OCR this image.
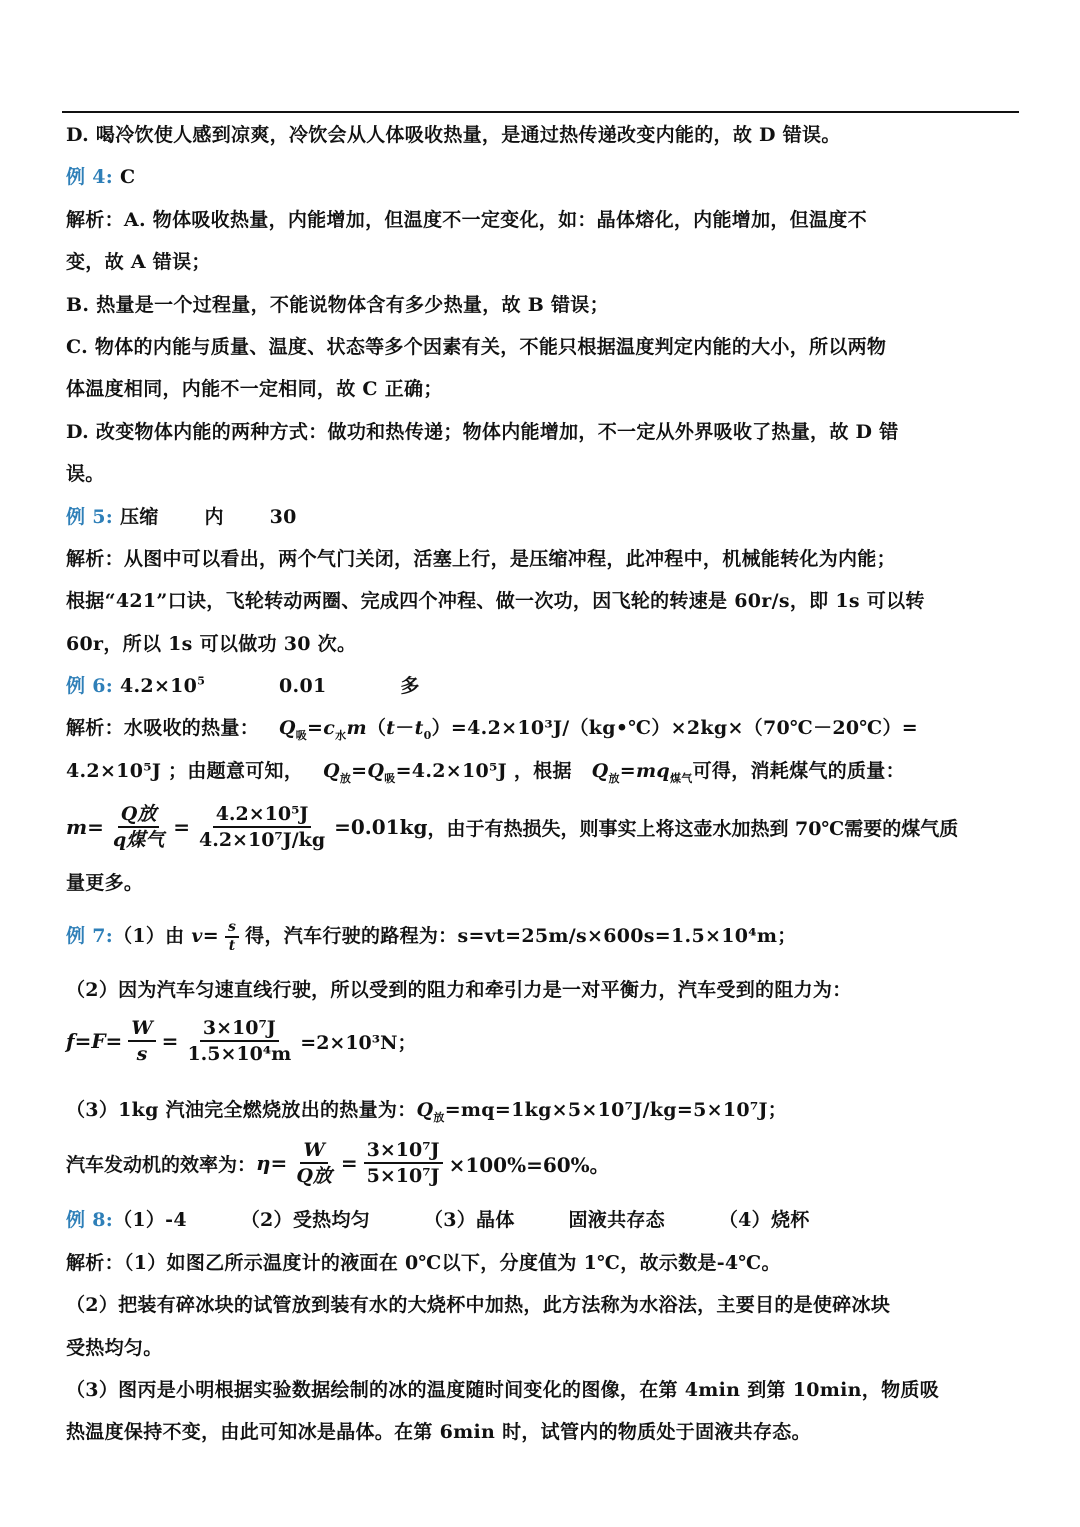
D. 喝冷饮使人感到凉爽，冷饮会从人体吸收热量，是通过热传递改变内能的，故 D 错误。
例 4: C
解析：A. 物体吸收热量，内能增加，但温度不一定变化，如：晶体熔化，内能增加，但温度不
变，故 A 错误；
B. 热量是一个过程量，不能说物体含有多少热量，故 B 错误；
C. 物体的内能与质量、温度、状态等多个因素有关，不能只根据温度判定内能的大小，所以两物
体温度相同，内能不一定相同，故 C 正确；
D. 改变物体内能的两种方式：做功和热传递；物体内能增加，不一定从外界吸收了热量，故 D 错
误。
例 5: 压缩 内 30
解析：从图中可以看出，两个气门关闭，活塞上行，是压缩冲程，此冲程中，机械能转化为内能；
根据“421”口诀，飞轮转动两圈、完成四个冲程、做一次功，因飞轮的转速是 60r/s，即 1s 可以转
60r，所以 1s 可以做功 30 次。
例 6: $4.2\times 10^5$	0.01	多
解析：水吸收的热量： $Q_吸=c_水m(t-t_0)=4.2\times 10^3J/(kg•℃)\times 2kg\times(70℃-20℃)=$
4.2×10⁵J ；由题意可知， $Q_放=Q_吸=4.2\times 10^5J$ ，根据 $Q_放=mq_{煤气}$可得，消耗煤气的质量：
$m = \frac{\text{Q放}}{\text{q煤气}} = \frac{\text{4.2×10⁵J}}{\text{4.2×10⁷J/kg}} =0.01kg$ ，由于有热损失，则事实上将这壶水加热到 70℃需要的煤气质
量更多。
例 7:（1）由 $v= \frac{s}{t}$ 得，汽车行驶的路程为：s=vt=25m/s×600s=1.5×10⁴m；
（2）因为汽车匀速直线行驶，所以受到的阻力和牵引力是一对平衡力，汽车受到的阻力为：
$f=F= \frac{W}{s} = \frac{\text{3×10⁷J}}{\text{1.5×10⁴m}} =2\times 10^3N$；
（3）1kg 汽油完全燃烧放出的热量为：$Q_放=mq=1kg\times 5\times 10^7J/kg=5\times 10^7J$；
汽车发动机的效率为： $\eta= \frac{W}{\text{Q放}} = \frac{\text{3×10⁷J}}{\text{5×10⁷J}} \times 100\%=60\%$。
例 8:（1）-4	（2）受热均匀	（3）晶体	固液共存态	（4）烧杯
解析：（1）如图乙所示温度计的液面在 0℃以下，分度值为 1℃，故示数是-4℃。
（2）把装有碎冰块的试管放到装有水的大烧杯中加热，此方法称为水浴法，主要目的是使碎冰块
受热均匀。
（3）图丙是小明根据实验数据绘制的冰的温度随时间变化的图像，在第 4min 到第 10min，物质吸
热温度保持不变，由此可知冰是晶体。在第 6min 时，试管内的物质处于固液共存态。
